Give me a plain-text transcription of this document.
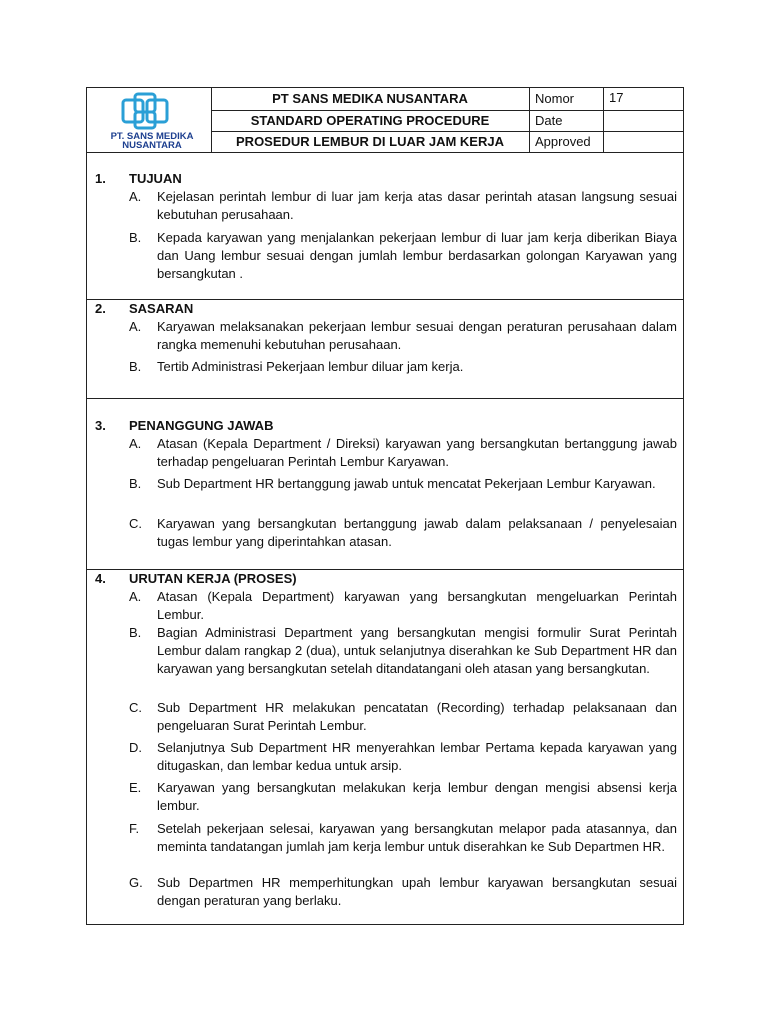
PT. SANS MEDIKA
NUSANTARA
PT SANS MEDIKA NUSANTARA
STANDARD OPERATING PROCEDURE
PROSEDUR LEMBUR DI LUAR JAM KERJA
Nomor
Date
Approved
17
1. TUJUAN
A. Kejelasan perintah lembur di luar jam kerja atas dasar perintah atasan langsung sesuai kebutuhan perusahaan.
B. Kepada karyawan yang menjalankan pekerjaan lembur di luar jam kerja diberikan Biaya dan Uang lembur sesuai dengan jumlah lembur berdasarkan golongan Karyawan yang bersangkutan .
2. SASARAN
A. Karyawan melaksanakan pekerjaan lembur sesuai dengan peraturan perusahaan dalam rangka memenuhi kebutuhan perusahaan.
B. Tertib Administrasi Pekerjaan lembur diluar jam kerja.
3. PENANGGUNG JAWAB
A. Atasan (Kepala Department / Direksi) karyawan yang bersangkutan bertanggung jawab terhadap pengeluaran Perintah Lembur Karyawan.
B. Sub Department HR bertanggung jawab untuk mencatat Pekerjaan Lembur Karyawan.
C. Karyawan yang bersangkutan bertanggung jawab dalam pelaksanaan / penyelesaian tugas lembur yang diperintahkan atasan.
4. URUTAN KERJA (PROSES)
A. Atasan (Kepala Department) karyawan yang bersangkutan mengeluarkan Perintah Lembur.
B. Bagian Administrasi Department yang bersangkutan mengisi formulir Surat Perintah Lembur dalam rangkap 2 (dua), untuk selanjutnya diserahkan ke Sub Department HR dan karyawan yang bersangkutan setelah ditandatangani oleh atasan yang bersangkutan.
C. Sub Department HR melakukan pencatatan (Recording) terhadap pelaksanaan dan pengeluaran Surat Perintah Lembur.
D. Selanjutnya Sub Department HR menyerahkan lembar Pertama kepada karyawan yang ditugaskan, dan lembar kedua untuk arsip.
E. Karyawan yang bersangkutan melakukan kerja lembur dengan mengisi absensi kerja lembur.
F. Setelah pekerjaan selesai, karyawan yang bersangkutan melapor pada atasannya, dan meminta tandatangan jumlah jam kerja lembur untuk diserahkan ke Sub Departmen HR.
G. Sub Departmen HR memperhitungkan upah lembur karyawan bersangkutan sesuai dengan peraturan yang berlaku.
